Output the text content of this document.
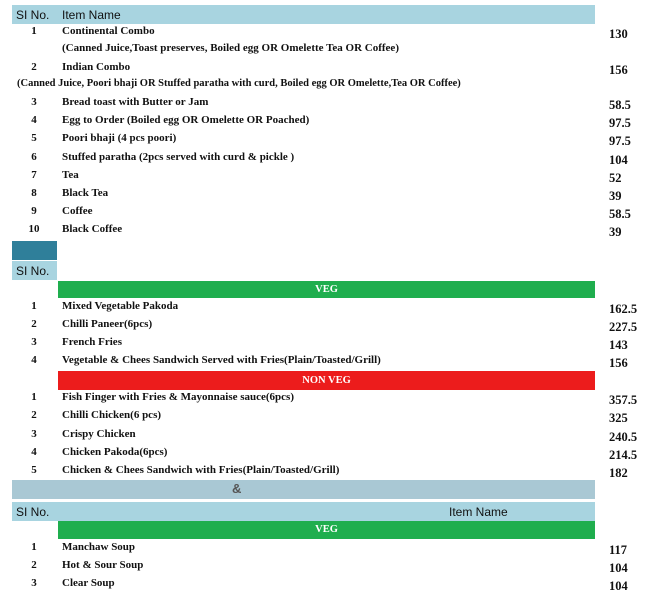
SI No. Item Name
1	Continental Combo	130
(Canned Juice,Toast preserves, Boiled egg OR Omelette Tea OR Coffee)
2	Indian Combo	156
(Canned Juice, Poori bhaji OR Stuffed paratha with curd, Boiled egg OR Omelette,Tea OR Coffee)
3	Bread toast with Butter or Jam	58.5
4	Egg to Order (Boiled egg OR Omelette OR Poached)	97.5
5	Poori bhaji (4 pcs poori)	97.5
6	Stuffed paratha (2pcs served with curd & pickle )	104
7	Tea	52
8	Black Tea	39
9	Coffee	58.5
10	Black Coffee	39
SI No.
VEG
1	Mixed Vegetable Pakoda	162.5
2	Chilli Paneer(6pcs)	227.5
3	French Fries	143
4	Vegetable & Chees Sandwich Served with Fries(Plain/Toasted/Grill)	156
NON VEG
1	Fish Finger with Fries & Mayonnaise sauce(6pcs)	357.5
2	Chilli Chicken(6 pcs)	325
3	Crispy Chicken	240.5
4	Chicken Pakoda(6pcs)	214.5
5	Chicken & Chees Sandwich with Fries(Plain/Toasted/Grill)	182
&
SI No.	Item Name
VEG
1	Manchaw Soup	117
2	Hot & Sour Soup	104
3	Clear Soup	104
